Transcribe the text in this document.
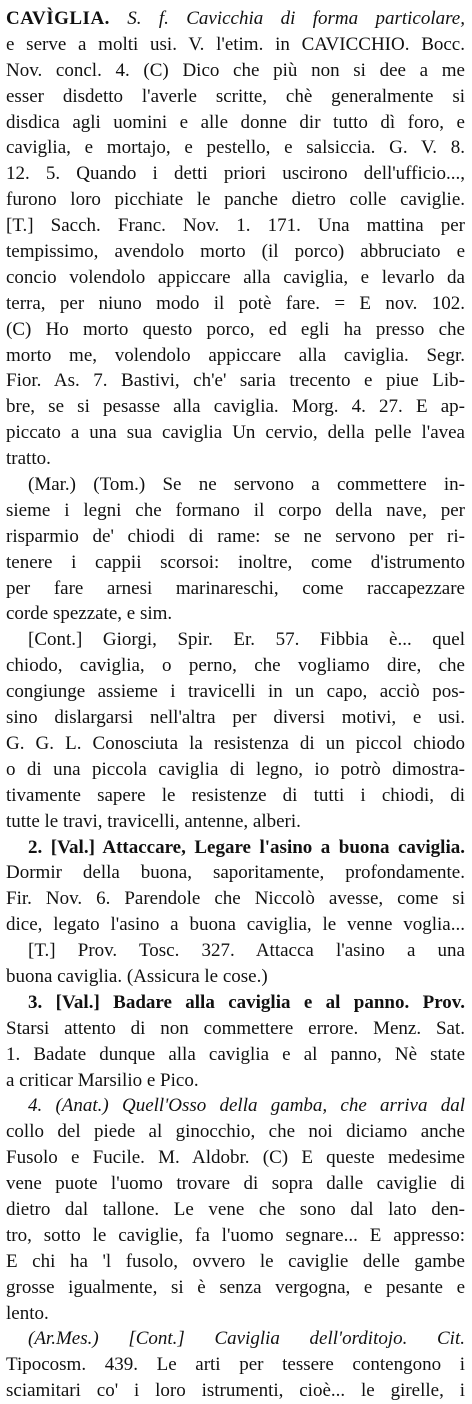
CAVÌGLIA. S. f. Cavicchia di forma particolare,
e serve a molti usi. V. l'etim. in CAVICCHIO. Bocc.
Nov. concl. 4. (C) Dico che più non si dee a me
esser disdetto l'averle scritte, chè generalmente si
disdica agli uomini e alle donne dir tutto dì foro, e
caviglia, e mortajo, e pestello, e salsiccia. G. V. 8.
12. 5. Quando i detti priori uscirono dell'ufficio...,
furono loro picchiate le panche dietro colle caviglie.
[T.] Sacch. Franc. Nov. 1. 171. Una mattina per
tempissimo, avendolo morto (il porco) abbruciato e
concio volendolo appiccare alla caviglia, e levarlo da
terra, per niuno modo il potè fare. = E nov. 102.
(C) Ho morto questo porco, ed egli ha presso che
morto me, volendolo appiccare alla caviglia. Segr.
Fior. As. 7. Bastivi, ch'e' saria trecento e piue Lib-
bre, se si pesasse alla caviglia. Morg. 4. 27. E ap-
piccato a una sua caviglia Un cervio, della pelle l'avea
tratto.
(Mar.) (Tom.) Se ne servono a commettere in-
sieme i legni che formano il corpo della nave, per
risparmio de' chiodi di rame: se ne servono per ri-
tenere i cappii scorsoi: inoltre, come d'istrumento
per fare arnesi marinareschi, come raccapezzare
corde spezzate, e sim.
[Cont.] Giorgi, Spir. Er. 57. Fibbia è... quel
chiodo, caviglia, o perno, che vogliamo dire, che
congiunge assieme i travicelli in un capo, acciò pos-
sino dislargarsi nell'altra per diversi motivi, e usi.
G. G. L. Conosciuta la resistenza di un piccol chiodo
o di una piccola caviglia di legno, io potrò dimostra-
tivamente sapere le resistenze di tutti i chiodi, di
tutte le travi, travicelli, antenne, alberi.
2. [Val.] Attaccare, Legare l'asino a buona caviglia.
Dormir della buona, saporitamente, profondamente.
Fir. Nov. 6. Parendole che Niccolò avesse, come si
dice, legato l'asino a buona caviglia, le venne voglia...
[T.] Prov. Tosc. 327. Attacca l'asino a una
buona caviglia. (Assicura le cose.)
3. [Val.] Badare alla caviglia e al panno. Prov.
Starsi attento di non commettere errore. Menz. Sat.
1. Badate dunque alla caviglia e al panno, Nè state
a criticar Marsilio e Pico.
4. (Anat.) Quell'Osso della gamba, che arriva dal
collo del piede al ginocchio, che noi diciamo anche
Fusolo e Fucile. M. Aldobr. (C) E queste medesime
vene puote l'uomo trovare di sopra dalle caviglie di
dietro dal tallone. Le vene che sono dal lato den-
tro, sotto le caviglie, fa l'uomo segnare... E appresso:
E chi ha 'l fusolo, ovvero le caviglie delle gambe
grosse igualmente, si è senza vergogna, e pesante e
lento.
(Ar.Mes.) [Cont.] Caviglia dell'orditojo. Cit.
Tipocosm. 439. Le arti per tessere contengono i
sciamitari co' i loro istrumenti, cioè... le girelle, i
